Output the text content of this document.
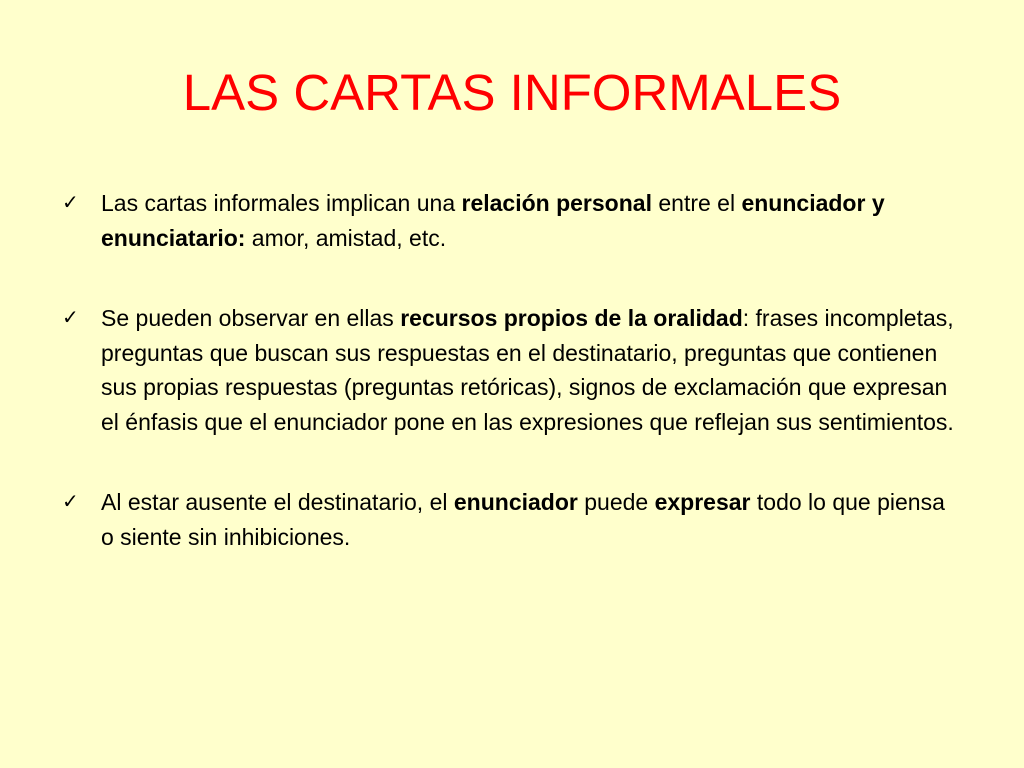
LAS CARTAS INFORMALES
✓ Las cartas informales implican una relación personal entre el enunciador y enunciatario: amor, amistad, etc.
✓ Se pueden observar en ellas recursos propios de la oralidad: frases incompletas, preguntas que buscan sus respuestas en el destinatario, preguntas que contienen sus propias respuestas (preguntas retóricas), signos de exclamación que expresan el énfasis que el enunciador pone en las expresiones que reflejan sus sentimientos.
✓ Al estar ausente el destinatario, el enunciador puede expresar todo lo que piensa o siente sin inhibiciones.
